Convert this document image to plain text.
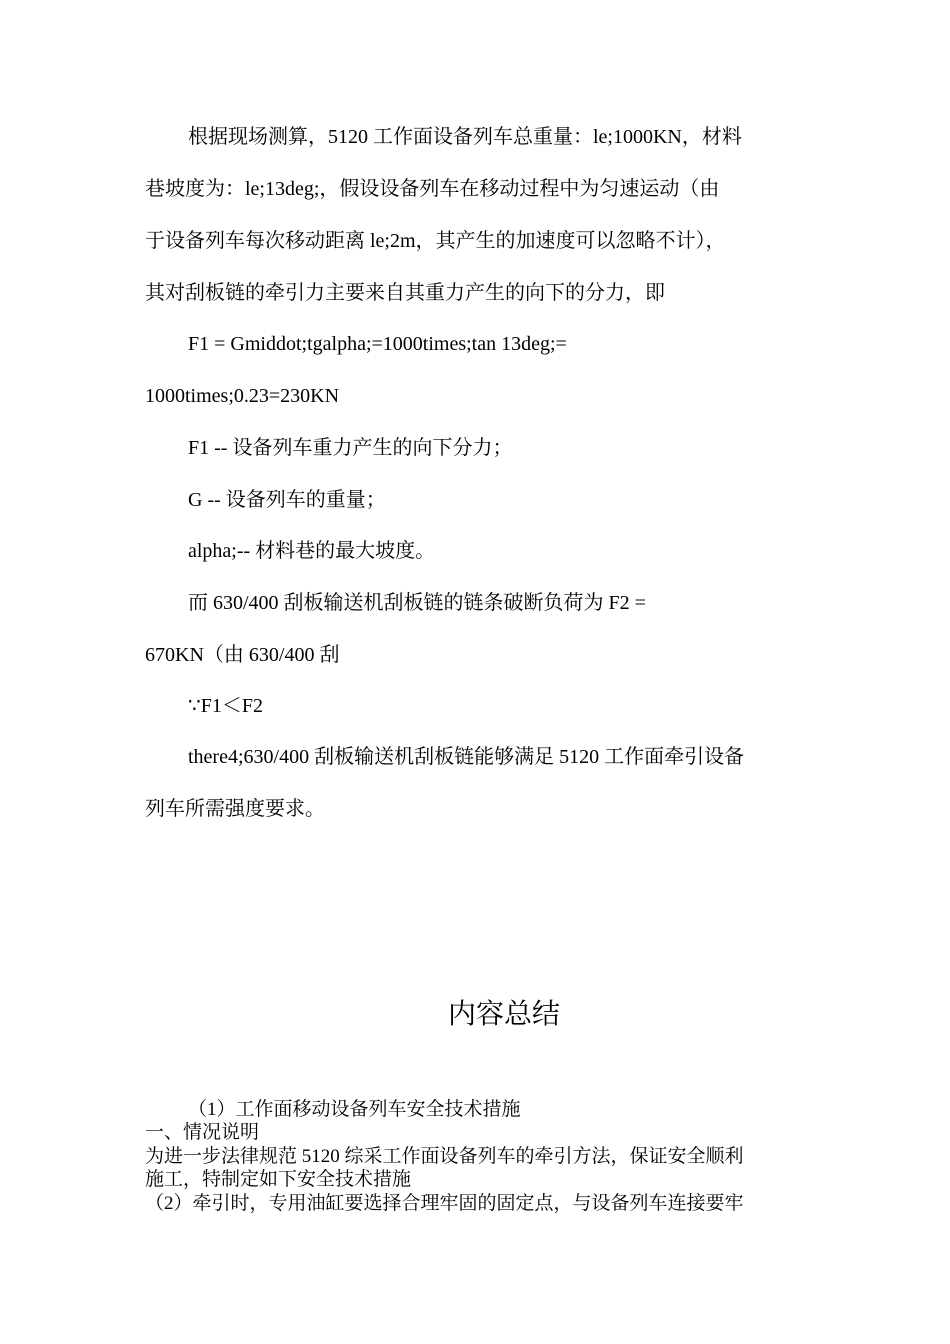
根据现场测算，5120 工作面设备列车总重量：le;1000KN，材料
巷坡度为：le;13deg;，假设设备列车在移动过程中为匀速运动（由
于设备列车每次移动距离 le;2m，其产生的加速度可以忽略不计），
其对刮板链的牵引力主要来自其重力产生的向下的分力，即
F1 = Gmiddot;tgalpha;=1000times;tan 13deg;=
1000times;0.23=230KN
F1 -- 设备列车重力产生的向下分力；
G -- 设备列车的重量；
alpha;-- 材料巷的最大坡度。
而 630/400 刮板输送机刮板链的链条破断负荷为 F2 =
670KN（由 630/400 刮
∵F1＜F2
there4;630/400 刮板输送机刮板链能够满足 5120 工作面牵引设备
列车所需强度要求。
内容总结
（1）工作面移动设备列车安全技术措施
一、情况说明
为进一步法律规范 5120 综采工作面设备列车的牵引方法，保证安全顺利
施工，特制定如下安全技术措施
（2）牵引时，专用油缸要选择合理牢固的固定点，与设备列车连接要牢
